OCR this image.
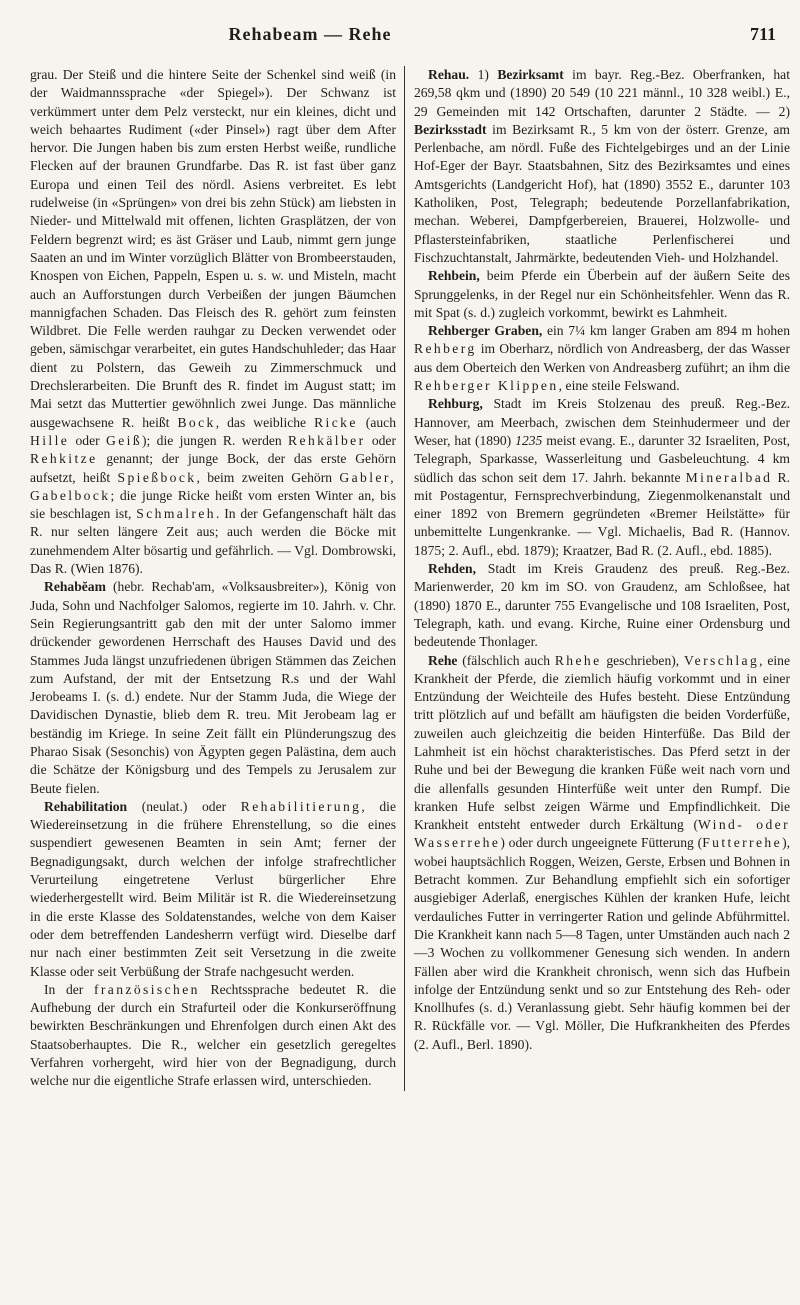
Rehabeam — Rehe	711

grau. Der Steiß und die hintere Seite der Schenkel sind weiß (in der Waidmannssprache «der Spiegel»). Der Schwanz ist verkümmert unter dem Pelz versteckt, nur ein kleines, dicht und weich behaartes Rudiment («der Pinsel») ragt über dem After hervor. Die Jungen haben bis zum ersten Herbst weiße, rundliche Flecken auf der braunen Grundfarbe. Das R. ist fast über ganz Europa und einen Teil des nördl. Asiens verbreitet. Es lebt rudelweise (in «Sprüngen» von drei bis zehn Stück) am liebsten in Nieder- und Mittelwald mit offenen, lichten Grasplätzen, der von Feldern begrenzt wird; es äst Gräser und Laub, nimmt gern junge Saaten an und im Winter vorzüglich Blätter von Brombeerstauden, Knospen von Eichen, Pappeln, Espen u. s. w. und Misteln, macht auch an Aufforstungen durch Verbeißen der jungen Bäumchen mannigfachen Schaden. Das Fleisch des R. gehört zum feinsten Wildbret. Die Felle werden rauhgar zu Decken verwendet oder geben, sämischgar verarbeitet, ein gutes Handschuhleder; das Haar dient zu Polstern, das Geweih zu Zimmerschmuck und Drechslerarbeiten. Die Brunft des R. findet im August statt; im Mai setzt das Muttertier gewöhnlich zwei Junge. Das männliche ausgewachsene R. heißt Bock, das weibliche Ricke (auch Hille oder Geiß); die jungen R. werden Rehkälber oder Rehkitze genannt; der junge Bock, der das erste Gehörn aufsetzt, heißt Spießbock, beim zweiten Gehörn Gabler, Gabelbock; die junge Ricke heißt vom ersten Winter an, bis sie beschlagen ist, Schmalreh. In der Gefangenschaft hält das R. nur selten längere Zeit aus; auch werden die Böcke mit zunehmendem Alter bösartig und gefährlich. — Vgl. Dombrowski, Das R. (Wien 1876).

Rehabĕam (hebr. Rechab'am, «Volksausbreiter»), König von Juda, Sohn und Nachfolger Salomos, regierte im 10. Jahrh. v. Chr. Sein Regierungsantritt gab den mit der unter Salomo immer drückender gewordenen Herrschaft des Hauses David und des Stammes Juda längst unzufriedenen übrigen Stämmen das Zeichen zum Aufstand, der mit der Entsetzung R.s und der Wahl Jerobeams I. (s. d.) endete. Nur der Stamm Juda, die Wiege der Davidischen Dynastie, blieb dem R. treu. Mit Jerobeam lag er beständig im Kriege. In seine Zeit fällt ein Plünderungszug des Pharao Sisak (Sesonchis) von Ägypten gegen Palästina, dem auch die Schätze der Königsburg und des Tempels zu Jerusalem zur Beute fielen.

Rehabilitation (neulat.) oder Rehabilitierung, die Wiedereinsetzung in die frühere Ehrenstellung, so die eines suspendiert gewesenen Beamten in sein Amt; ferner der Begnadigungsakt, durch welchen der infolge strafrechtlicher Verurteilung eingetretene Verlust bürgerlicher Ehre wiederhergestellt wird. Beim Militär ist R. die Wiedereinsetzung in die erste Klasse des Soldatenstandes, welche von dem Kaiser oder dem betreffenden Landesherrn verfügt wird. Dieselbe darf nur nach einer bestimmten Zeit seit Versetzung in die zweite Klasse oder seit Verbüßung der Strafe nachgesucht werden.

In der französischen Rechtssprache bedeutet R. die Aufhebung der durch ein Strafurteil oder die Konkurseröffnung bewirkten Beschränkungen und Ehrenfolgen durch einen Akt des Staatsoberhauptes. Die R., welcher ein gesetzlich geregeltes Verfahren vorhergeht, wird hier von der Begnadigung, durch welche nur die eigentliche Strafe erlassen wird, unterschieden.

Rehau. 1) Bezirksamt im bayr. Reg.-Bez. Oberfranken, hat 269,58 qkm und (1890) 20 549 (10 221 männl., 10 328 weibl.) E., 29 Gemeinden mit 142 Ortschaften, darunter 2 Städte. — 2) Bezirksstadt im Bezirksamt R., 5 km von der österr. Grenze, am Perlenbache, am nördl. Fuße des Fichtelgebirges und an der Linie Hof-Eger der Bayr. Staatsbahnen, Sitz des Bezirksamtes und eines Amtsgerichts (Landgericht Hof), hat (1890) 3552 E., darunter 103 Katholiken, Post, Telegraph; bedeutende Porzellanfabrikation, mechan. Weberei, Dampfgerbereien, Brauerei, Holzwolle- und Pflastersteinfabriken, staatliche Perlenfischerei und Fischzuchtanstalt, Jahrmärkte, bedeutenden Vieh- und Holzhandel.

Rehbein, beim Pferde ein Überbein auf der äußern Seite des Sprunggelenks, in der Regel nur ein Schönheitsfehler. Wenn das R. mit Spat (s. d.) zugleich vorkommt, bewirkt es Lahmheit.

Rehberger Graben, ein 7¼ km langer Graben am 894 m hohen Rehberg im Oberharz, nördlich von Andreasberg, der das Wasser aus dem Oberteich den Werken von Andreasberg zuführt; an ihm die Rehberger Klippen, eine steile Felswand.

Rehburg, Stadt im Kreis Stolzenau des preuß. Reg.-Bez. Hannover, am Meerbach, zwischen dem Steinhudermeer und der Weser, hat (1890) 1235 meist evang. E., darunter 32 Israeliten, Post, Telegraph, Sparkasse, Wasserleitung und Gasbeleuchtung. 4 km südlich das schon seit dem 17. Jahrh. bekannte Mineralbad R. mit Postagentur, Fernsprechverbindung, Ziegenmolkenanstalt und einer 1892 von Bremern gegründeten «Bremer Heilstätte» für unbemittelte Lungenkranke. — Vgl. Michaelis, Bad R. (Hannov. 1875; 2. Aufl., ebd. 1879); Kraatzer, Bad R. (2. Aufl., ebd. 1885).

Rehden, Stadt im Kreis Graudenz des preuß. Reg.-Bez. Marienwerder, 20 km im SO. von Graudenz, am Schloßsee, hat (1890) 1870 E., darunter 755 Evangelische und 108 Israeliten, Post, Telegraph, kath. und evang. Kirche, Ruine einer Ordensburg und bedeutende Thonlager.

Rehe (fälschlich auch Rhehe geschrieben), Verschlag, eine Krankheit der Pferde, die ziemlich häufig vorkommt und in einer Entzündung der Weichteile des Hufes besteht. Diese Entzündung tritt plötzlich auf und befällt am häufigsten die beiden Vorderfüße, zuweilen auch gleichzeitig die beiden Hinterfüße. Das Bild der Lahmheit ist ein höchst charakteristisches. Das Pferd setzt in der Ruhe und bei der Bewegung die kranken Füße weit nach vorn und die allenfalls gesunden Hinterfüße weit unter den Rumpf. Die kranken Hufe selbst zeigen Wärme und Empfindlichkeit. Die Krankheit entsteht entweder durch Erkältung (Wind- oder Wasserrehe) oder durch ungeeignete Fütterung (Futterrehe), wobei hauptsächlich Roggen, Weizen, Gerste, Erbsen und Bohnen in Betracht kommen. Zur Behandlung empfiehlt sich ein sofortiger ausgiebiger Aderlaß, energisches Kühlen der kranken Hufe, leicht verdauliches Futter in verringerter Ration und gelinde Abführmittel. Die Krankheit kann nach 5—8 Tagen, unter Umständen auch nach 2—3 Wochen zu vollkommener Genesung sich wenden. In andern Fällen aber wird die Krankheit chronisch, wenn sich das Hufbein infolge der Entzündung senkt und so zur Entstehung des Reh- oder Knollhufes (s. d.) Veranlassung giebt. Sehr häufig kommen bei der R. Rückfälle vor. — Vgl. Möller, Die Hufkrankheiten des Pferdes (2. Aufl., Berl. 1890).
